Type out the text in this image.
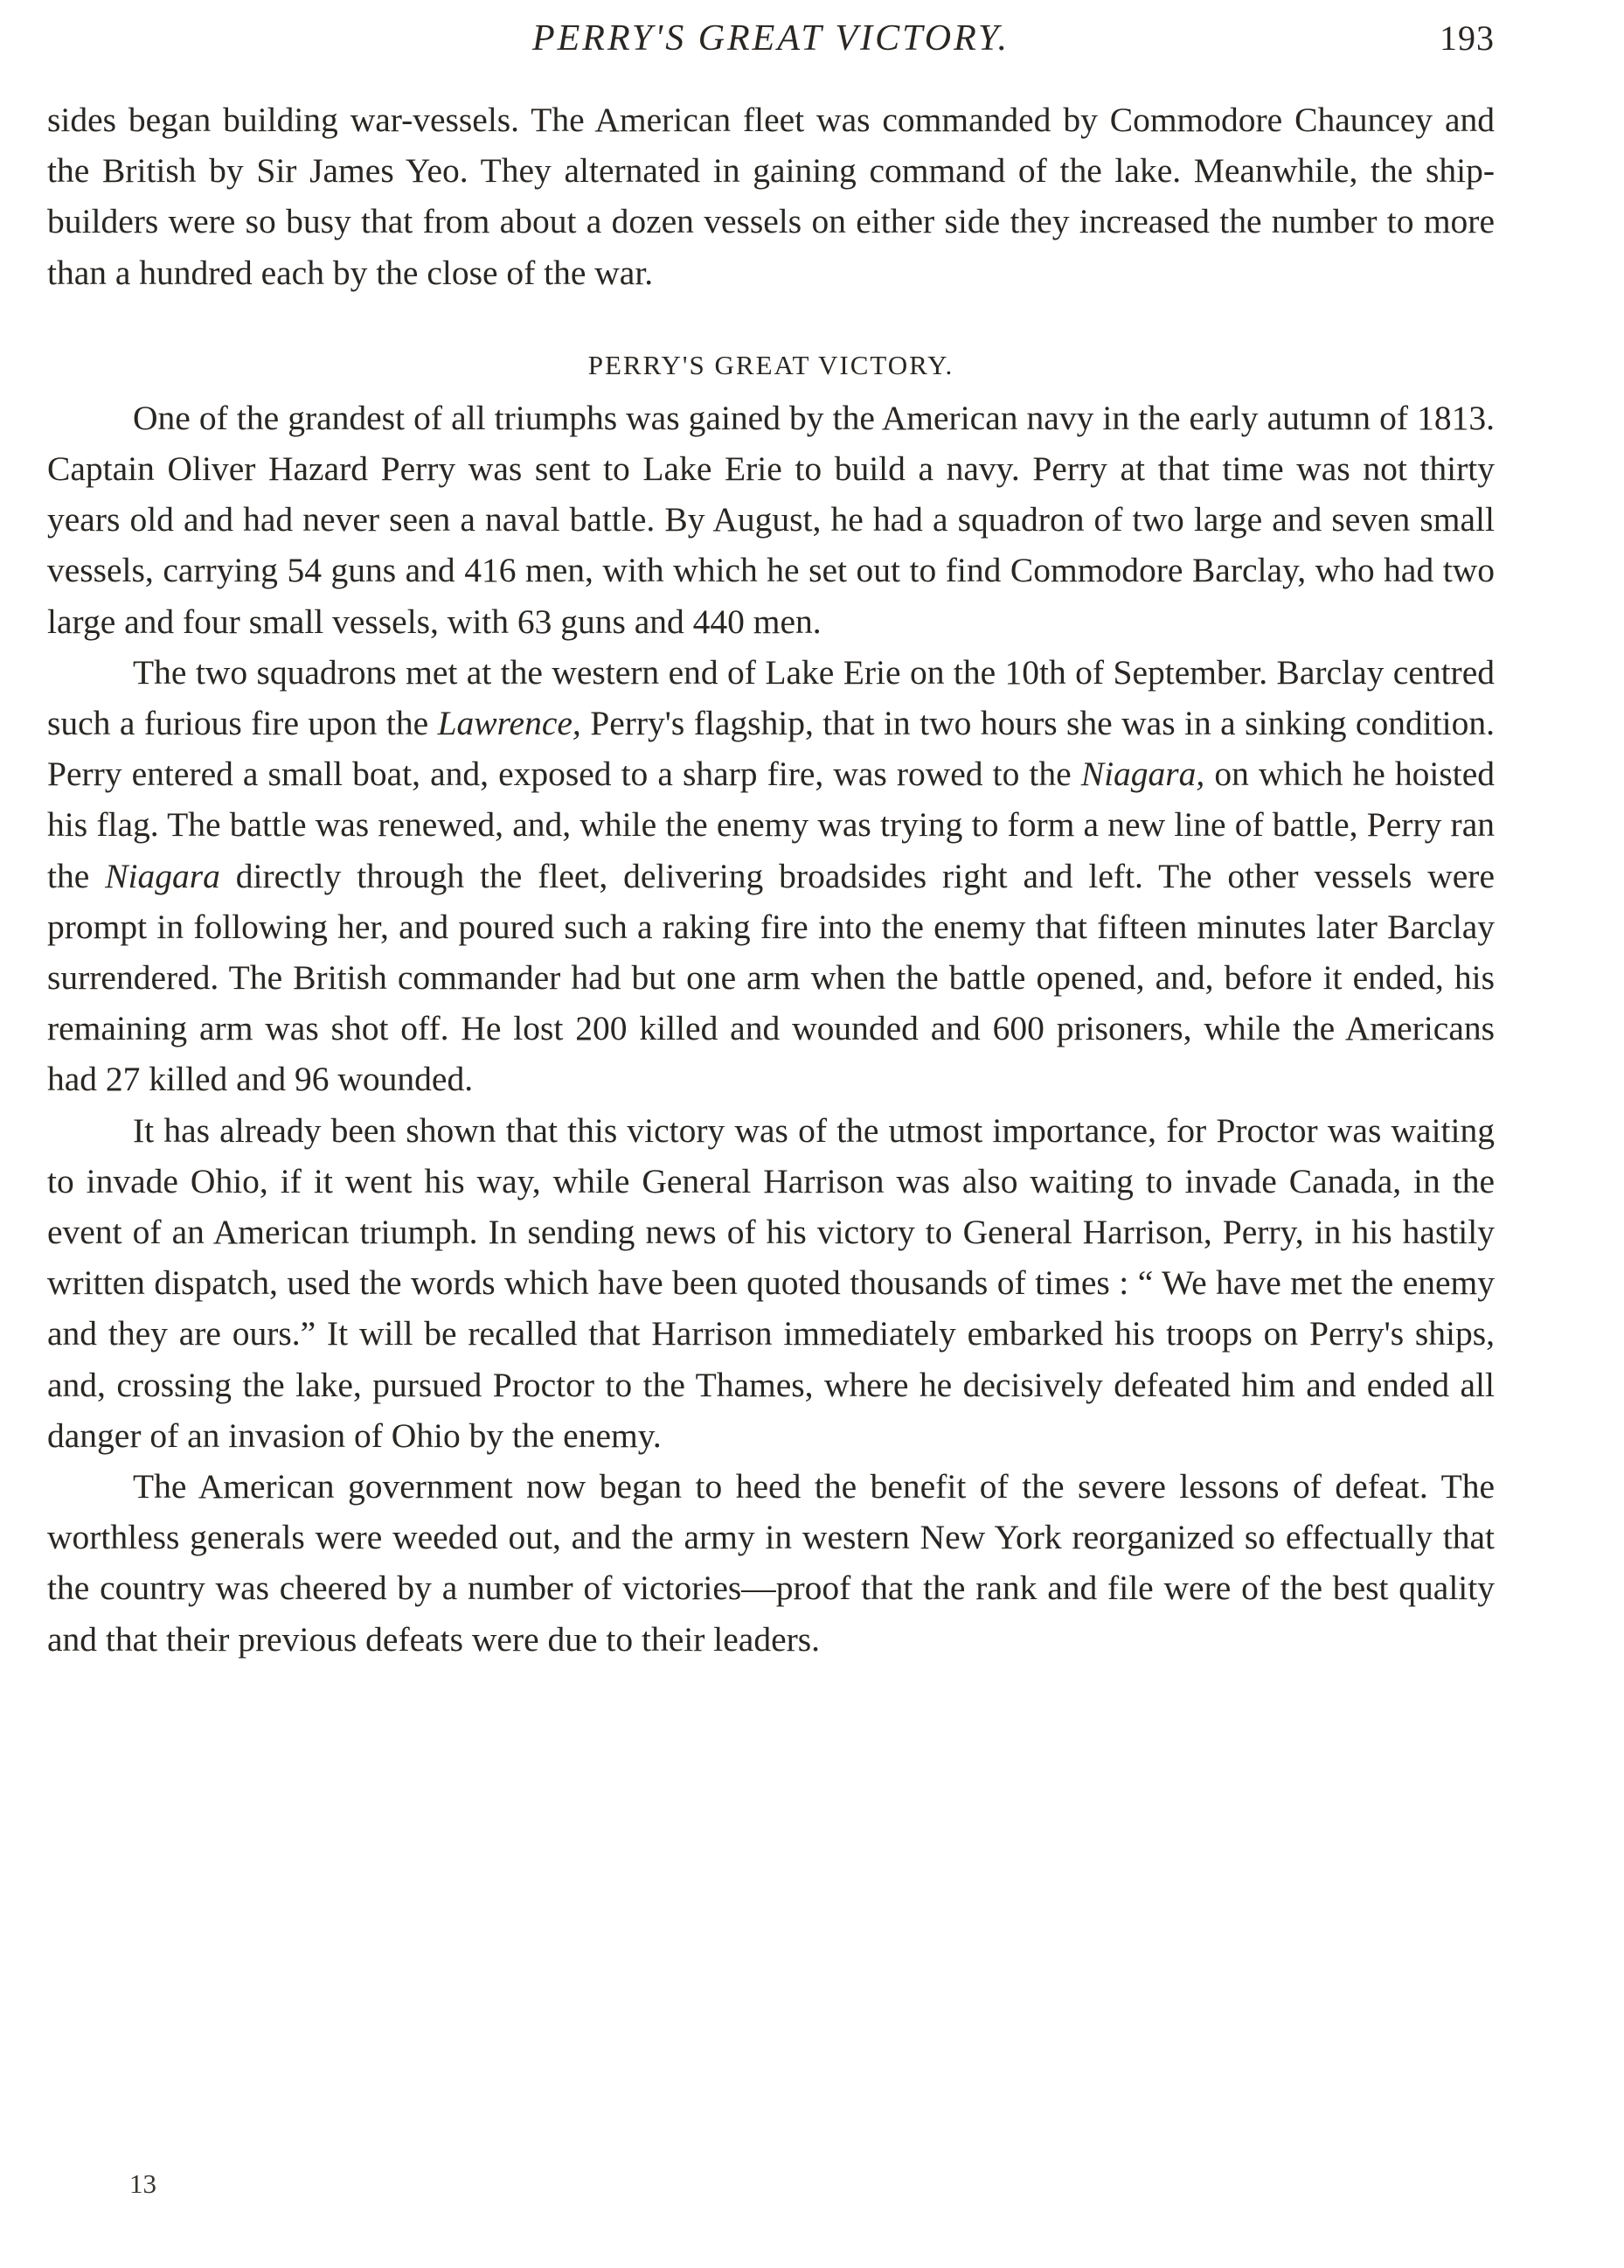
PERRY'S GREAT VICTORY.	193

sides began building war-vessels. The American fleet was commanded by Commodore Chauncey and the British by Sir James Yeo. They alternated in gaining command of the lake. Meanwhile, the ship-builders were so busy that from about a dozen vessels on either side they increased the number to more than a hundred each by the close of the war.

PERRY'S GREAT VICTORY.

One of the grandest of all triumphs was gained by the American navy in the early autumn of 1813. Captain Oliver Hazard Perry was sent to Lake Erie to build a navy. Perry at that time was not thirty years old and had never seen a naval battle. By August, he had a squadron of two large and seven small vessels, carrying 54 guns and 416 men, with which he set out to find Commodore Barclay, who had two large and four small vessels, with 63 guns and 440 men.

The two squadrons met at the western end of Lake Erie on the 10th of September. Barclay centred such a furious fire upon the Lawrence, Perry's flagship, that in two hours she was in a sinking condition. Perry entered a small boat, and, exposed to a sharp fire, was rowed to the Niagara, on which he hoisted his flag. The battle was renewed, and, while the enemy was trying to form a new line of battle, Perry ran the Niagara directly through the fleet, delivering broadsides right and left. The other vessels were prompt in following her, and poured such a raking fire into the enemy that fifteen minutes later Barclay surrendered. The British commander had but one arm when the battle opened, and, before it ended, his remaining arm was shot off. He lost 200 killed and wounded and 600 prisoners, while the Americans had 27 killed and 96 wounded.

It has already been shown that this victory was of the utmost importance, for Proctor was waiting to invade Ohio, if it went his way, while General Harrison was also waiting to invade Canada, in the event of an American triumph. In sending news of his victory to General Harrison, Perry, in his hastily written dispatch, used the words which have been quoted thousands of times : “ We have met the enemy and they are ours.” It will be recalled that Harrison immediately embarked his troops on Perry's ships, and, crossing the lake, pursued Proctor to the Thames, where he decisively defeated him and ended all danger of an invasion of Ohio by the enemy.

The American government now began to heed the benefit of the severe lessons of defeat. The worthless generals were weeded out, and the army in western New York reorganized so effectually that the country was cheered by a number of victories—proof that the rank and file were of the best quality and that their previous defeats were due to their leaders.

13
